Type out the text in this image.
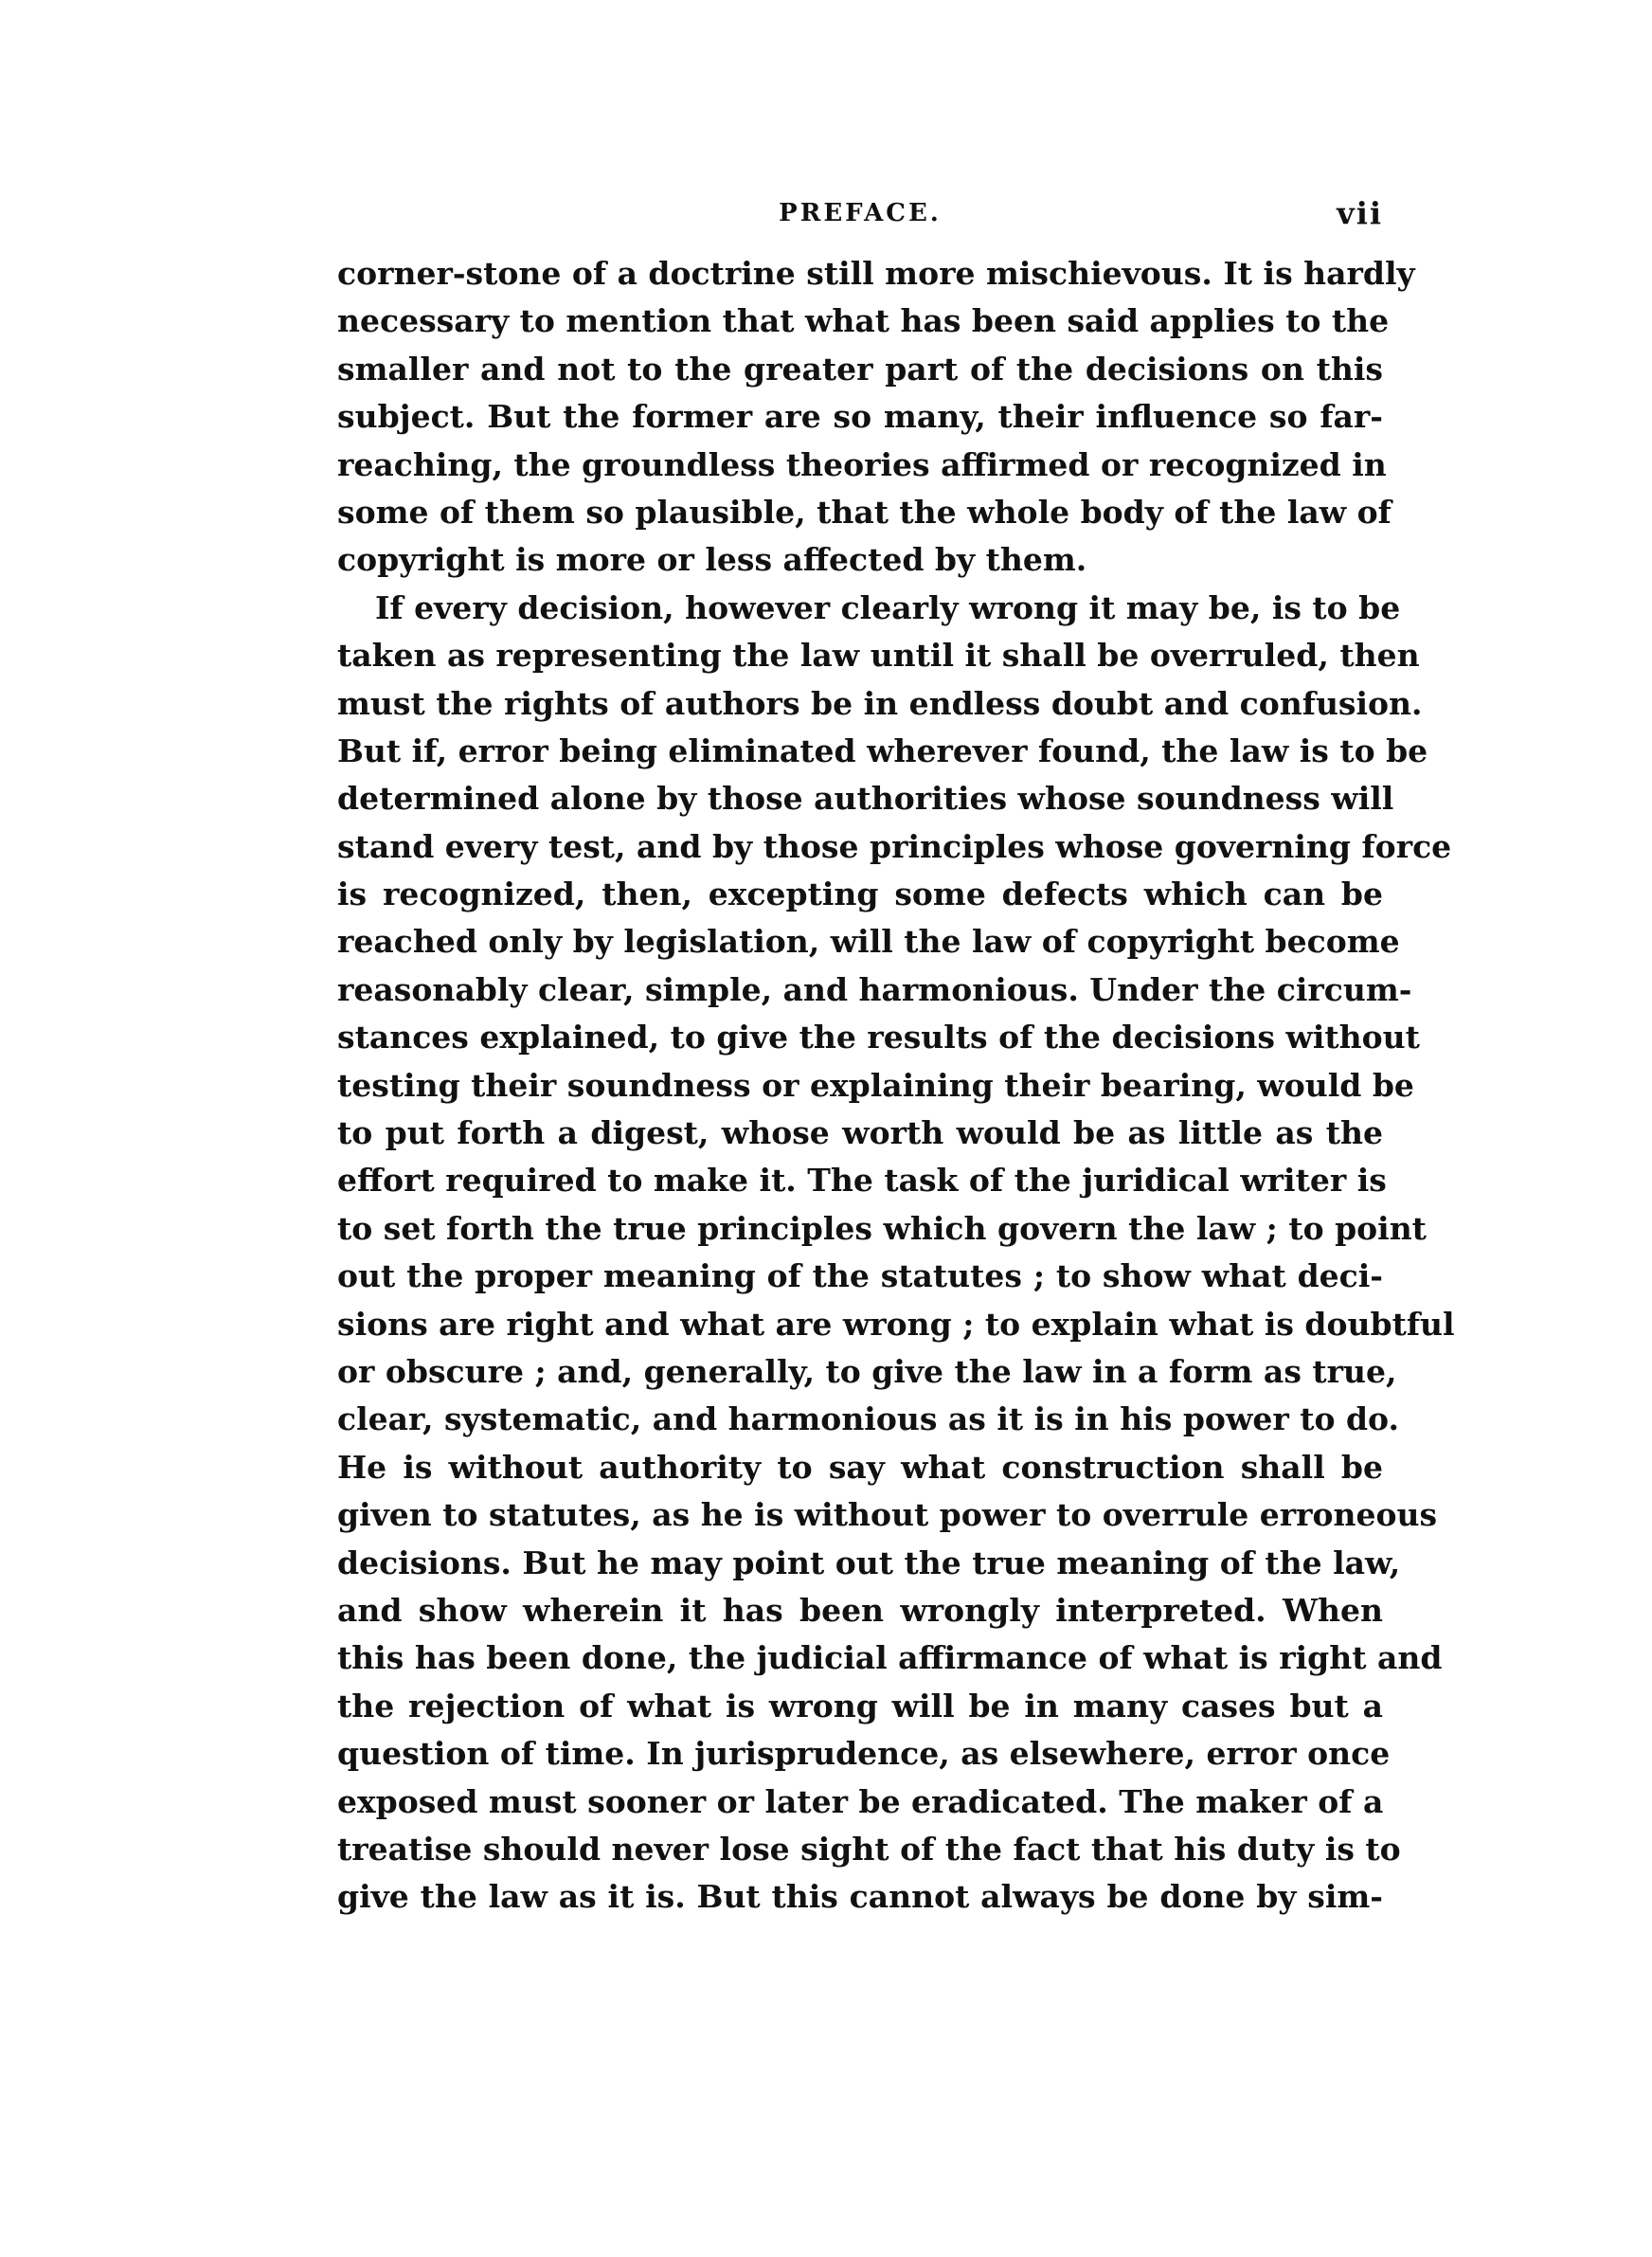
PREFACE.	vii
corner-stone of a doctrine still more mischievous. It is hardly
necessary to mention that what has been said applies to the
smaller and not to the greater part of the decisions on this
subject. But the former are so many, their influence so far-
reaching, the groundless theories affirmed or recognized in
some of them so plausible, that the whole body of the law of
copyright is more or less affected by them.
If every decision, however clearly wrong it may be, is to be
taken as representing the law until it shall be overruled, then
must the rights of authors be in endless doubt and confusion.
But if, error being eliminated wherever found, the law is to be
determined alone by those authorities whose soundness will
stand every test, and by those principles whose governing force
is recognized, then, excepting some defects which can be
reached only by legislation, will the law of copyright become
reasonably clear, simple, and harmonious. Under the circum-
stances explained, to give the results of the decisions without
testing their soundness or explaining their bearing, would be
to put forth a digest, whose worth would be as little as the
effort required to make it. The task of the juridical writer is
to set forth the true principles which govern the law ; to point
out the proper meaning of the statutes ; to show what deci-
sions are right and what are wrong ; to explain what is doubtful
or obscure ; and, generally, to give the law in a form as true,
clear, systematic, and harmonious as it is in his power to do.
He is without authority to say what construction shall be
given to statutes, as he is without power to overrule erroneous
decisions. But he may point out the true meaning of the law,
and show wherein it has been wrongly interpreted. When
this has been done, the judicial affirmance of what is right and
the rejection of what is wrong will be in many cases but a
question of time. In jurisprudence, as elsewhere, error once
exposed must sooner or later be eradicated. The maker of a
treatise should never lose sight of the fact that his duty is to
give the law as it is. But this cannot always be done by sim-
